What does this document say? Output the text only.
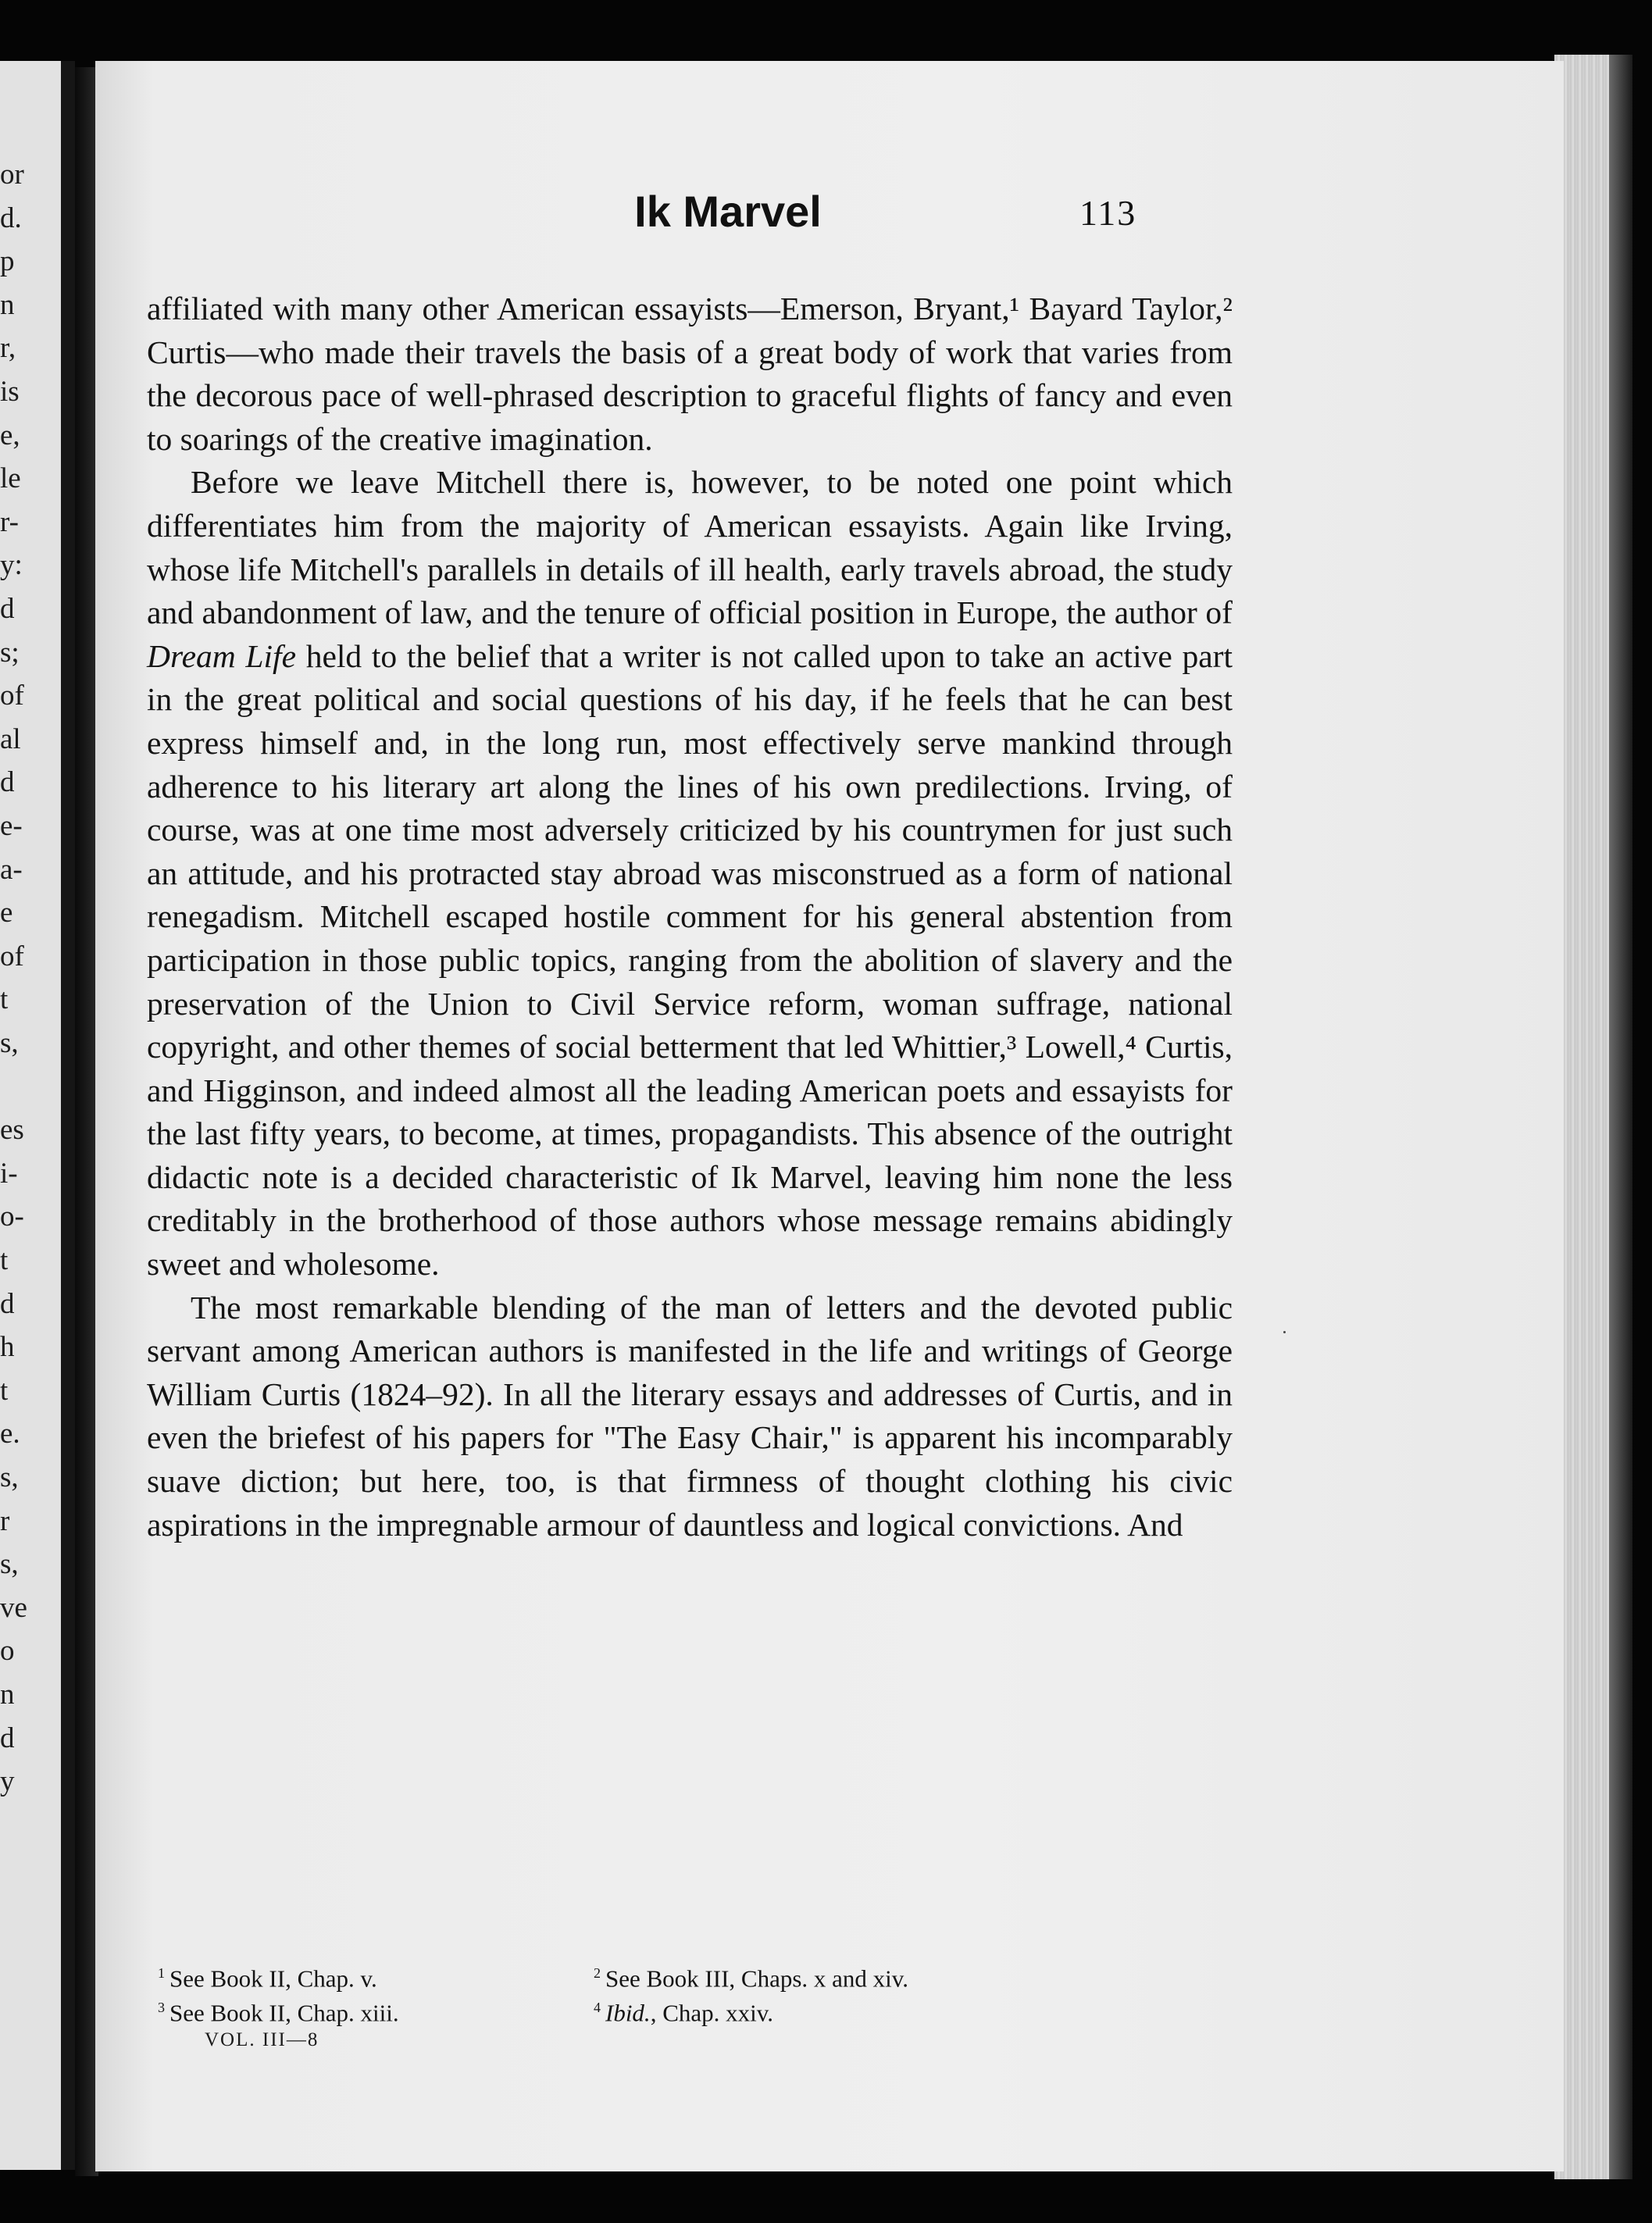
or
d.
p
n
r,
is
e,
le
r-
y:
d
s;
of
al
d
e-
a-
e
of
t
s,
es
i-
o-
t
d
h
t
e.
s,
r
s,
ve
o
n
d
y
Ik Marvel	113

affiliated with many other American essayists—Emerson, Bryant,¹ Bayard Taylor,² Curtis—who made their travels the basis of a great body of work that varies from the decorous pace of well-phrased description to graceful flights of fancy and even to soarings of the creative imagination.

Before we leave Mitchell there is, however, to be noted one point which differentiates him from the majority of American essayists. Again like Irving, whose life Mitchell's parallels in details of ill health, early travels abroad, the study and abandonment of law, and the tenure of official position in Europe, the author of Dream Life held to the belief that a writer is not called upon to take an active part in the great political and social questions of his day, if he feels that he can best express himself and, in the long run, most effectively serve mankind through adherence to his literary art along the lines of his own predilections. Irving, of course, was at one time most adversely criticized by his countrymen for just such an attitude, and his protracted stay abroad was misconstrued as a form of national renegadism. Mitchell escaped hostile comment for his general abstention from participation in those public topics, ranging from the abolition of slavery and the preservation of the Union to Civil Service reform, woman suffrage, national copyright, and other themes of social betterment that led Whittier,³ Lowell,⁴ Curtis, and Higginson, and indeed almost all the leading American poets and essayists for the last fifty years, to become, at times, propagandists. This absence of the outright didactic note is a decided characteristic of Ik Marvel, leaving him none the less creditably in the brotherhood of those authors whose message remains abidingly sweet and wholesome.

The most remarkable blending of the man of letters and the devoted public servant among American authors is manifested in the life and writings of George William Curtis (1824–92). In all the literary essays and addresses of Curtis, and in even the briefest of his papers for "The Easy Chair," is apparent his incomparably suave diction; but here, too, is that firmness of thought clothing his civic aspirations in the impregnable armour of dauntless and logical convictions. And

$^1$ See Book II, Chap. v.	$^2$ See Book III, Chaps. x and xiv.
$^3$ See Book II, Chap. xiii.	$^4$ Ibid., Chap. xxiv.
VOL. III—8
